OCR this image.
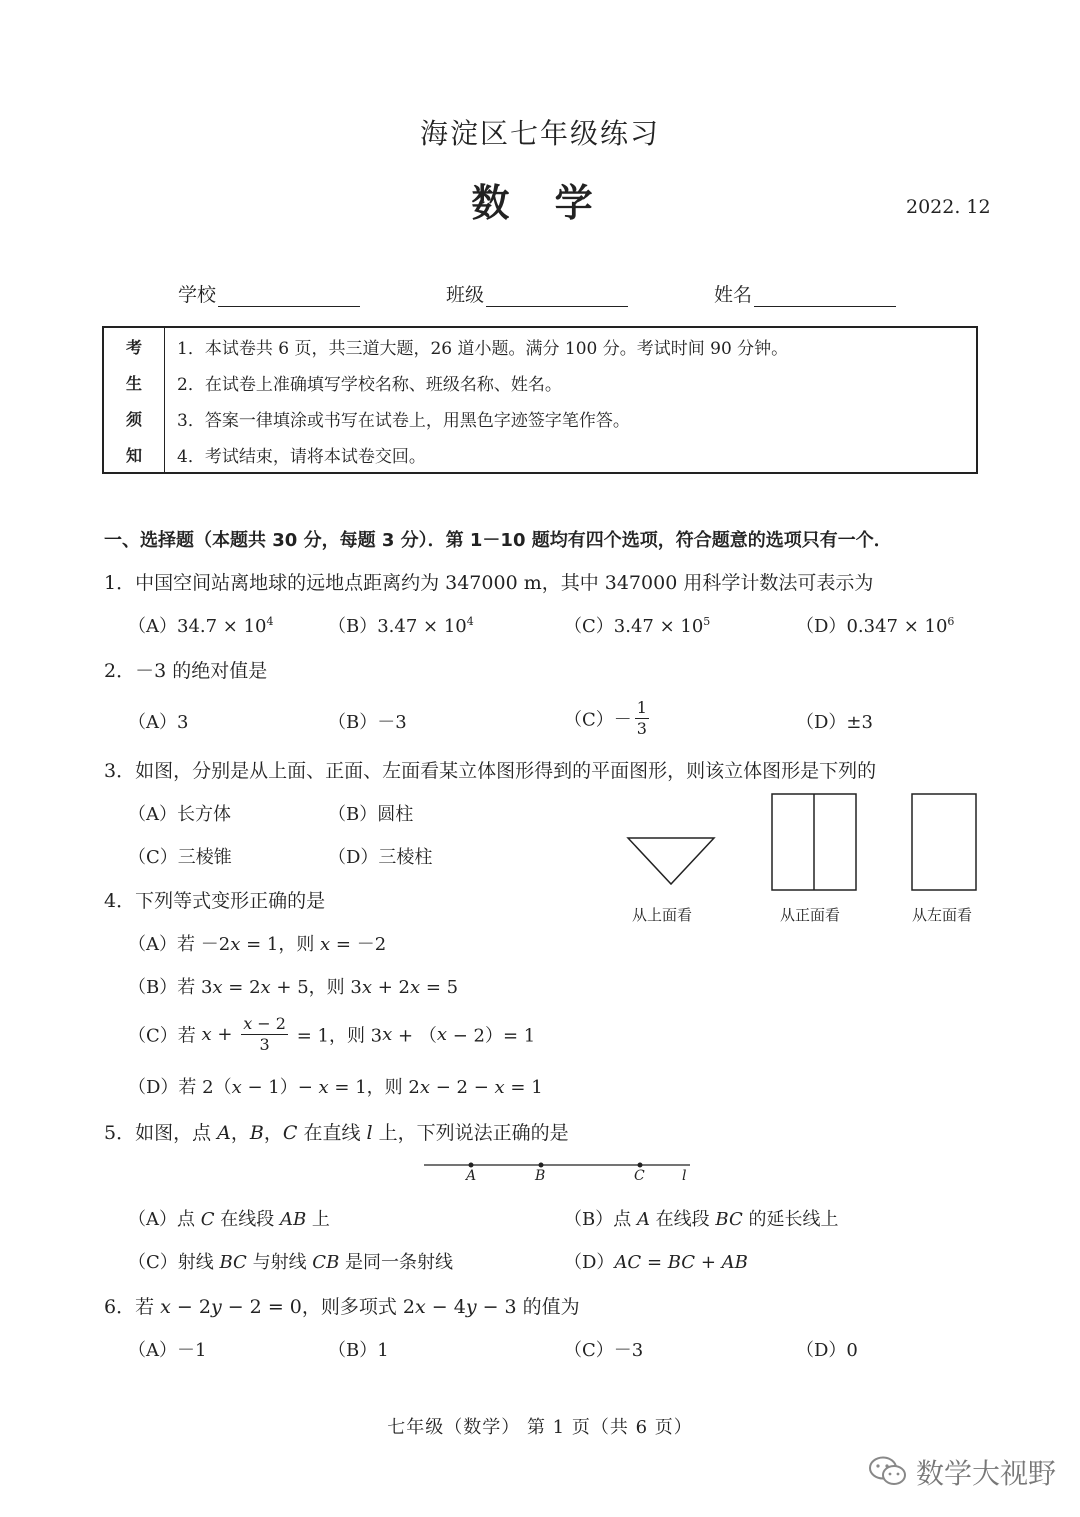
海淀区七年级练习
数 学	2022. 12
学校	班级	姓名
考	1．本试卷共 6 页，共三道大题，26 道小题。满分 100 分。考试时间 90 分钟。
生	2．在试卷上准确填写学校名称、班级名称、姓名。
须	3．答案一律填涂或书写在试卷上，用黑色字迹签字笔作答。
知	4．考试结束，请将本试卷交回。
一、选择题（本题共 30 分，每题 3 分）．第 1－10 题均有四个选项，符合题意的选项只有一个．
1．中国空间站离地球的远地点距离约为 347000 m，其中 347000 用科学计数法可表示为
$(A)34.7 \times 10^4$	$(B)3.47 \times 10^4$	$(C)3.47 \times 10^5$	$(D)0.347 \times 10^6$
2．－3 的绝对值是
（A）3	（B）－3	$(C)- \frac{1}{3}$	（D）±3
3．如图，分别是从上面、正面、左面看某立体图形得到的平面图形，则该立体图形是下列的
（A）长方体	（B）圆柱
（C）三棱锥	（D）三棱柱
从上面看	从正面看	从左面看
4．下列等式变形正确的是
（A）若 －2x = 1，则 x = －2
（B）若 3x = 2x + 5，则 3x + 2x = 5
（C）若 $x + \frac{x - 2}{3} = 1$，则 3x + （x − 2）= 1
（D）若 2（x − 1）− x = 1，则 2x − 2 − x = 1
5．如图，点 A，B，C 在直线 l 上，下列说法正确的是
A	B	C	l
（A）点 C 在线段 AB 上	（B）点 A 在线段 BC 的延长线上
（C）射线 BC 与射线 CB 是同一条射线	（D）AC = BC + AB
6．若 x − 2y − 2 = 0，则多项式 2x − 4y − 3 的值为
（A）－1	（B）1	（C）－3	（D）0
七年级（数学） 第 1 页（共 6 页）
数学大视野
